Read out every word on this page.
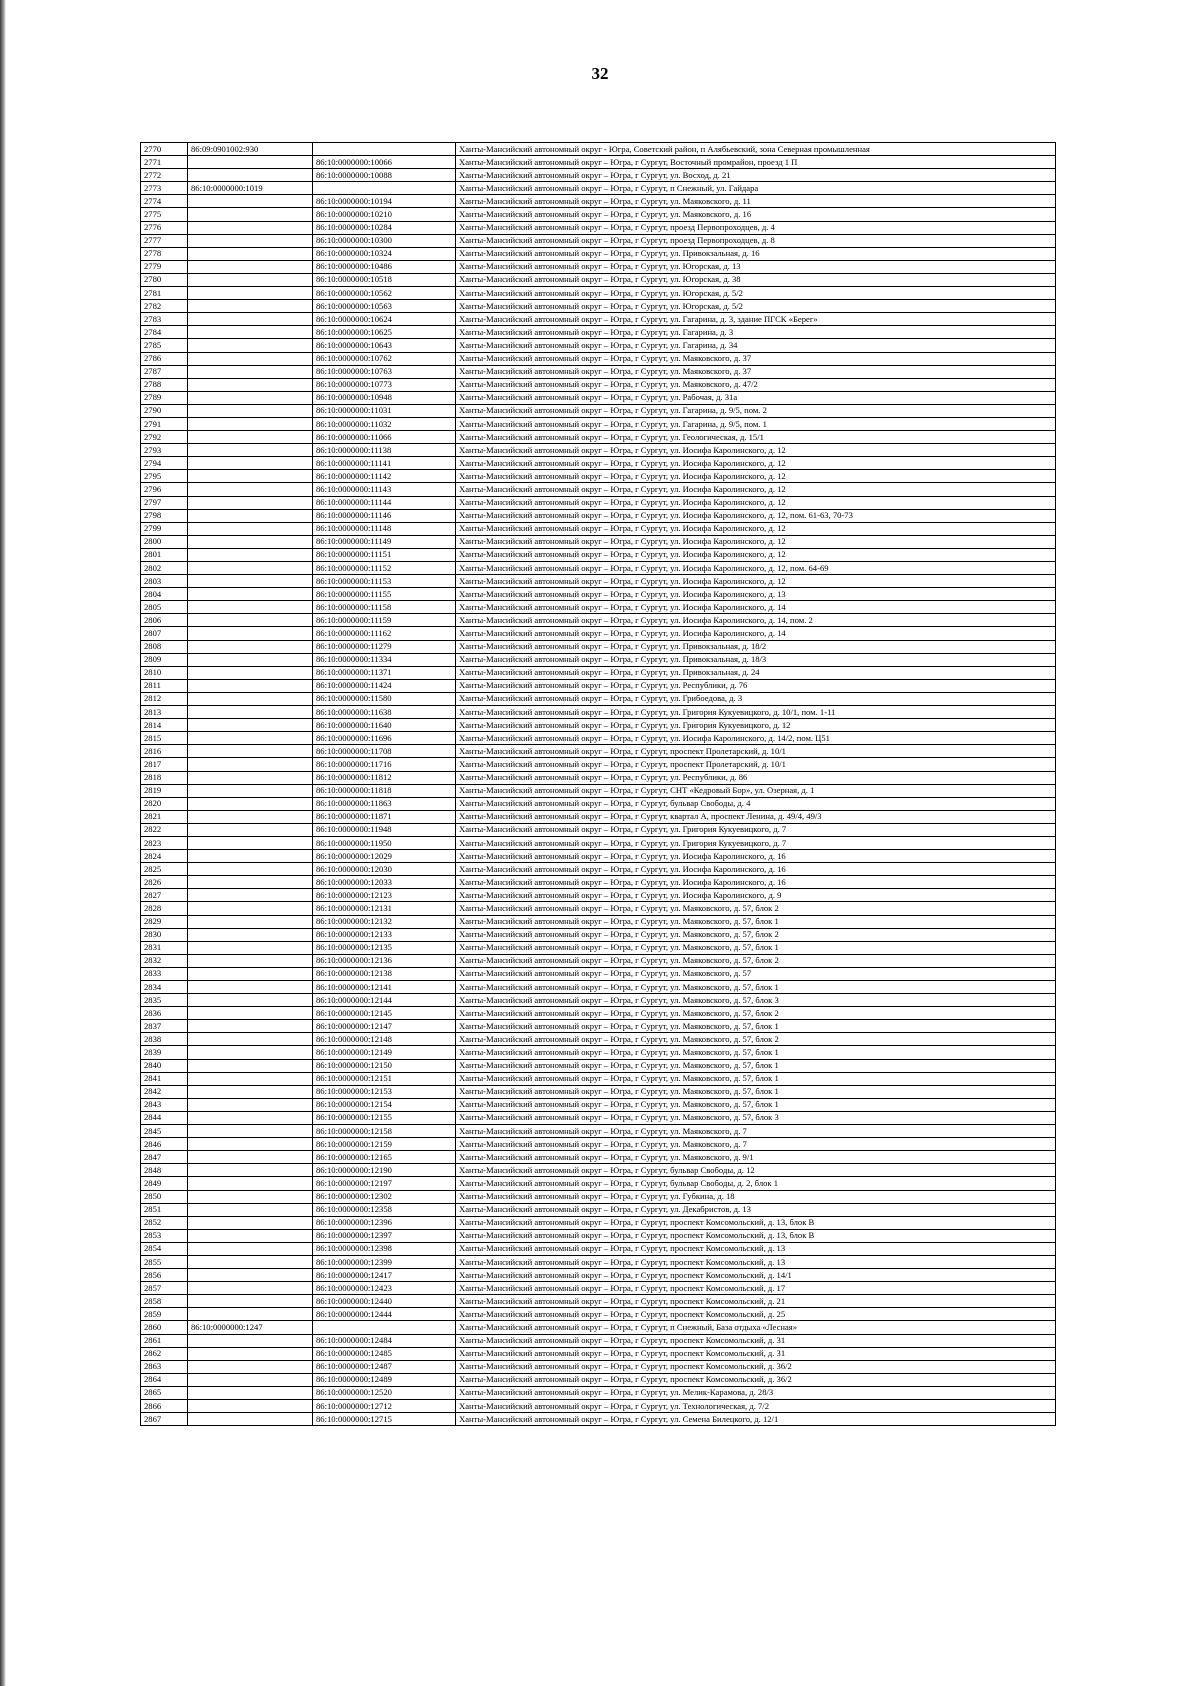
32
2770	86:09:0901002:930		Ханты-Мансийский автономный округ - Югра, Советский район, п Алябьевский, зона Северная промышленная
2771		86:10:0000000:10066	Ханты-Мансийский автономный округ – Югра, г Сургут, Восточный промрайон, проезд 1 П
2772		86:10:0000000:10088	Ханты-Мансийский автономный округ – Югра, г Сургут, ул. Восход, д. 21
2773	86:10:0000000:1019		Ханты-Мансийский автономный округ – Югра, г Сургут, п Снежный, ул. Гайдара
2774		86:10:0000000:10194	Ханты-Мансийский автономный округ – Югра, г Сургут, ул. Маяковского, д. 11
2775		86:10:0000000:10210	Ханты-Мансийский автономный округ – Югра, г Сургут, ул. Маяковского, д. 16
2776		86:10:0000000:10284	Ханты-Мансийский автономный округ – Югра, г Сургут, проезд Первопроходцев, д. 4
2777		86:10:0000000:10300	Ханты-Мансийский автономный округ – Югра, г Сургут, проезд Первопроходцев, д. 8
2778		86:10:0000000:10324	Ханты-Мансийский автономный округ – Югра, г Сургут, ул. Привокзальная, д. 16
2779		86:10:0000000:10486	Ханты-Мансийский автономный округ – Югра, г Сургут, ул. Югорская, д. 13
2780		86:10:0000000:10518	Ханты-Мансийский автономный округ – Югра, г Сургут, ул. Югорская, д. 38
2781		86:10:0000000:10562	Ханты-Мансийский автономный округ – Югра, г Сургут, ул. Югорская, д. 5/2
2782		86:10:0000000:10563	Ханты-Мансийский автономный округ – Югра, г Сургут, ул. Югорская, д. 5/2
2783		86:10:0000000:10624	Ханты-Мансийский автономный округ – Югра, г Сургут, ул. Гагарина, д. 3, здание ПГСК «Берег»
2784		86:10:0000000:10625	Ханты-Мансийский автономный округ – Югра, г Сургут, ул. Гагарина, д. 3
2785		86:10:0000000:10643	Ханты-Мансийский автономный округ – Югра, г Сургут, ул. Гагарина, д. 34
2786		86:10:0000000:10762	Ханты-Мансийский автономный округ – Югра, г Сургут, ул. Маяковского, д. 37
2787		86:10:0000000:10763	Ханты-Мансийский автономный округ – Югра, г Сургут, ул. Маяковского, д. 37
2788		86:10:0000000:10773	Ханты-Мансийский автономный округ – Югра, г Сургут, ул. Маяковского, д. 47/2
2789		86:10:0000000:10948	Ханты-Мансийский автономный округ – Югра, г Сургут, ул. Рабочая, д. 31а
2790		86:10:0000000:11031	Ханты-Мансийский автономный округ – Югра, г Сургут, ул. Гагарина, д. 9/5, пом. 2
2791		86:10:0000000:11032	Ханты-Мансийский автономный округ – Югра, г Сургут, ул. Гагарина, д. 9/5, пом. 1
2792		86:10:0000000:11066	Ханты-Мансийский автономный округ – Югра, г Сургут, ул. Геологическая, д. 15/1
2793		86:10:0000000:11138	Ханты-Мансийский автономный округ – Югра, г Сургут, ул. Иосифа Каролинского, д. 12
2794		86:10:0000000:11141	Ханты-Мансийский автономный округ – Югра, г Сургут, ул. Иосифа Каролинского, д. 12
2795		86:10:0000000:11142	Ханты-Мансийский автономный округ – Югра, г Сургут, ул. Иосифа Каролинского, д. 12
2796		86:10:0000000:11143	Ханты-Мансийский автономный округ – Югра, г Сургут, ул. Иосифа Каролинского, д. 12
2797		86:10:0000000:11144	Ханты-Мансийский автономный округ – Югра, г Сургут, ул. Иосифа Каролинского, д. 12
2798		86:10:0000000:11146	Ханты-Мансийский автономный округ – Югра, г Сургут, ул. Иосифа Каролинского, д. 12, пом. 61-63, 70-73
2799		86:10:0000000:11148	Ханты-Мансийский автономный округ – Югра, г Сургут, ул. Иосифа Каролинского, д. 12
2800		86:10:0000000:11149	Ханты-Мансийский автономный округ – Югра, г Сургут, ул. Иосифа Каролинского, д. 12
2801		86:10:0000000:11151	Ханты-Мансийский автономный округ – Югра, г Сургут, ул. Иосифа Каролинского, д. 12
2802		86:10:0000000:11152	Ханты-Мансийский автономный округ – Югра, г Сургут, ул. Иосифа Каролинского, д. 12, пом. 64-69
2803		86:10:0000000:11153	Ханты-Мансийский автономный округ – Югра, г Сургут, ул. Иосифа Каролинского, д. 12
2804		86:10:0000000:11155	Ханты-Мансийский автономный округ – Югра, г Сургут, ул. Иосифа Каролинского, д. 13
2805		86:10:0000000:11158	Ханты-Мансийский автономный округ – Югра, г Сургут, ул. Иосифа Каролинского, д. 14
2806		86:10:0000000:11159	Ханты-Мансийский автономный округ – Югра, г Сургут, ул. Иосифа Каролинского, д. 14, пом. 2
2807		86:10:0000000:11162	Ханты-Мансийский автономный округ – Югра, г Сургут, ул. Иосифа Каролинского, д. 14
2808		86:10:0000000:11279	Ханты-Мансийский автономный округ – Югра, г Сургут, ул. Привокзальная, д. 18/2
2809		86:10:0000000:11334	Ханты-Мансийский автономный округ – Югра, г Сургут, ул. Привокзальная, д. 18/3
2810		86:10:0000000:11371	Ханты-Мансийский автономный округ – Югра, г Сургут, ул. Привокзальная, д. 24
2811		86:10:0000000:11424	Ханты-Мансийский автономный округ – Югра, г Сургут, ул. Республики, д. 76
2812		86:10:0000000:11580	Ханты-Мансийский автономный округ – Югра, г Сургут, ул. Грибоедова, д. 3
2813		86:10:0000000:11638	Ханты-Мансийский автономный округ – Югра, г Сургут, ул. Григория Кукуевицкого, д. 10/1, пом. 1-11
2814		86:10:0000000:11640	Ханты-Мансийский автономный округ – Югра, г Сургут, ул. Григория Кукуевицкого, д. 12
2815		86:10:0000000:11696	Ханты-Мансийский автономный округ – Югра, г Сургут, ул. Иосифа Каролинского, д. 14/2, пом. Ц51
2816		86:10:0000000:11708	Ханты-Мансийский автономный округ – Югра, г Сургут, проспект Пролетарский, д. 10/1
2817		86:10:0000000:11716	Ханты-Мансийский автономный округ – Югра, г Сургут, проспект Пролетарский, д. 10/1
2818		86:10:0000000:11812	Ханты-Мансийский автономный округ – Югра, г Сургут, ул. Республики, д. 86
2819		86:10:0000000:11818	Ханты-Мансийский автономный округ – Югра, г Сургут, СНТ «Кедровый Бор», ул. Озерная, д. 1
2820		86:10:0000000:11863	Ханты-Мансийский автономный округ – Югра, г Сургут, бульвар Свободы, д. 4
2821		86:10:0000000:11871	Ханты-Мансийский автономный округ – Югра, г Сургут, квартал А, проспект Ленина, д. 49/4, 49/3
2822		86:10:0000000:11948	Ханты-Мансийский автономный округ – Югра, г Сургут, ул. Григория Кукуевицкого, д. 7
2823		86:10:0000000:11950	Ханты-Мансийский автономный округ – Югра, г Сургут, ул. Григория Кукуевицкого, д. 7
2824		86:10:0000000:12029	Ханты-Мансийский автономный округ – Югра, г Сургут, ул. Иосифа Каролинского, д. 16
2825		86:10:0000000:12030	Ханты-Мансийский автономный округ – Югра, г Сургут, ул. Иосифа Каролинского, д. 16
2826		86:10:0000000:12033	Ханты-Мансийский автономный округ – Югра, г Сургут, ул. Иосифа Каролинского, д. 16
2827		86:10:0000000:12123	Ханты-Мансийский автономный округ – Югра, г Сургут, ул. Иосифа Каролинского, д. 9
2828		86:10:0000000:12131	Ханты-Мансийский автономный округ – Югра, г Сургут, ул. Маяковского, д. 57, блок 2
2829		86:10:0000000:12132	Ханты-Мансийский автономный округ – Югра, г Сургут, ул. Маяковского, д. 57, блок 1
2830		86:10:0000000:12133	Ханты-Мансийский автономный округ – Югра, г Сургут, ул. Маяковского, д. 57, блок 2
2831		86:10:0000000:12135	Ханты-Мансийский автономный округ – Югра, г Сургут, ул. Маяковского, д. 57, блок 1
2832		86:10:0000000:12136	Ханты-Мансийский автономный округ – Югра, г Сургут, ул. Маяковского, д. 57, блок 2
2833		86:10:0000000:12138	Ханты-Мансийский автономный округ – Югра, г Сургут, ул. Маяковского, д. 57
2834		86:10:0000000:12141	Ханты-Мансийский автономный округ – Югра, г Сургут, ул. Маяковского, д. 57, блок 1
2835		86:10:0000000:12144	Ханты-Мансийский автономный округ – Югра, г Сургут, ул. Маяковского, д. 57, блок 3
2836		86:10:0000000:12145	Ханты-Мансийский автономный округ – Югра, г Сургут, ул. Маяковского, д. 57, блок 2
2837		86:10:0000000:12147	Ханты-Мансийский автономный округ – Югра, г Сургут, ул. Маяковского, д. 57, блок 1
2838		86:10:0000000:12148	Ханты-Мансийский автономный округ – Югра, г Сургут, ул. Маяковского, д. 57, блок 2
2839		86:10:0000000:12149	Ханты-Мансийский автономный округ – Югра, г Сургут, ул. Маяковского, д. 57, блок 1
2840		86:10:0000000:12150	Ханты-Мансийский автономный округ – Югра, г Сургут, ул. Маяковского, д. 57, блок 1
2841		86:10:0000000:12151	Ханты-Мансийский автономный округ – Югра, г Сургут, ул. Маяковского, д. 57, блок 1
2842		86:10:0000000:12153	Ханты-Мансийский автономный округ – Югра, г Сургут, ул. Маяковского, д. 57, блок 1
2843		86:10:0000000:12154	Ханты-Мансийский автономный округ – Югра, г Сургут, ул. Маяковского, д. 57, блок 1
2844		86:10:0000000:12155	Ханты-Мансийский автономный округ – Югра, г Сургут, ул. Маяковского, д. 57, блок 3
2845		86:10:0000000:12158	Ханты-Мансийский автономный округ – Югра, г Сургут, ул. Маяковского, д. 7
2846		86:10:0000000:12159	Ханты-Мансийский автономный округ – Югра, г Сургут, ул. Маяковского, д. 7
2847		86:10:0000000:12165	Ханты-Мансийский автономный округ – Югра, г Сургут, ул. Маяковского, д. 9/1
2848		86:10:0000000:12190	Ханты-Мансийский автономный округ – Югра, г Сургут, бульвар Свободы, д. 12
2849		86:10:0000000:12197	Ханты-Мансийский автономный округ – Югра, г Сургут, бульвар Свободы, д. 2, блок 1
2850		86:10:0000000:12302	Ханты-Мансийский автономный округ – Югра, г Сургут, ул. Губкина, д. 18
2851		86:10:0000000:12358	Ханты-Мансийский автономный округ – Югра, г Сургут, ул. Декабристов, д. 13
2852		86:10:0000000:12396	Ханты-Мансийский автономный округ – Югра, г Сургут, проспект Комсомольский, д. 13, блок В
2853		86:10:0000000:12397	Ханты-Мансийский автономный округ – Югра, г Сургут, проспект Комсомольский, д. 13, блок В
2854		86:10:0000000:12398	Ханты-Мансийский автономный округ – Югра, г Сургут, проспект Комсомольский, д. 13
2855		86:10:0000000:12399	Ханты-Мансийский автономный округ – Югра, г Сургут, проспект Комсомольский, д. 13
2856		86:10:0000000:12417	Ханты-Мансийский автономный округ – Югра, г Сургут, проспект Комсомольский, д. 14/1
2857		86:10:0000000:12423	Ханты-Мансийский автономный округ – Югра, г Сургут, проспект Комсомольский, д. 17
2858		86:10:0000000:12440	Ханты-Мансийский автономный округ – Югра, г Сургут, проспект Комсомольский, д. 21
2859		86:10:0000000:12444	Ханты-Мансийский автономный округ – Югра, г Сургут, проспект Комсомольский, д. 25
2860	86:10:0000000:1247		Ханты-Мансийский автономный округ – Югра, г Сургут, п Снежный, База отдыха «Лесная»
2861		86:10:0000000:12484	Ханты-Мансийский автономный округ – Югра, г Сургут, проспект Комсомольский, д. 31
2862		86:10:0000000:12485	Ханты-Мансийский автономный округ – Югра, г Сургут, проспект Комсомольский, д. 31
2863		86:10:0000000:12487	Ханты-Мансийский автономный округ – Югра, г Сургут, проспект Комсомольский, д. 36/2
2864		86:10:0000000:12489	Ханты-Мансийский автономный округ – Югра, г Сургут, проспект Комсомольский, д. 36/2
2865		86:10:0000000:12520	Ханты-Мансийский автономный округ – Югра, г Сургут, ул. Мелик-Карамова, д. 28/3
2866		86:10:0000000:12712	Ханты-Мансийский автономный округ – Югра, г Сургут, ул. Технологическая, д. 7/2
2867		86:10:0000000:12715	Ханты-Мансийский автономный округ – Югра, г Сургут, ул. Семена Билецкого, д. 12/1
